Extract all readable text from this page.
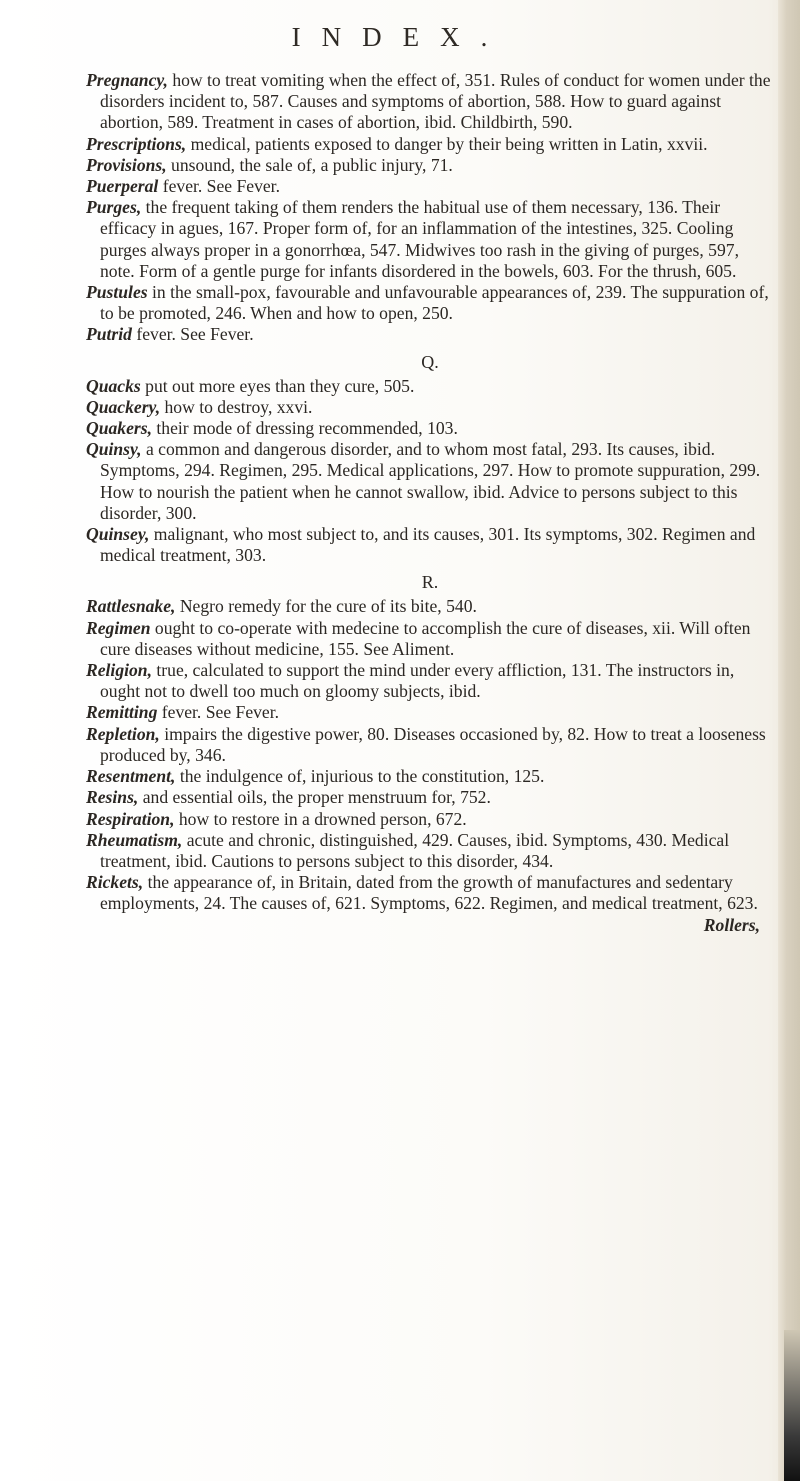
INDEX.

Pregnancy, how to treat vomiting when the effect of, 351. Rules of conduct for women under the disorders incident to, 587. Causes and symptoms of abortion, 588. How to guard against abortion, 589. Treatment in cases of abortion, ibid. Childbirth, 590.

Prescriptions, medical, patients exposed to danger by their being written in Latin, xxvii.

Provisions, unsound, the sale of, a public injury, 71.

Puerperal fever. See Fever.

Purges, the frequent taking of them renders the habitual use of them necessary, 136. Their efficacy in agues, 167. Proper form of, for an inflammation of the intestines, 325. Cooling purges always proper in a gonorrhœa, 547. Midwives too rash in the giving of purges, 597, note. Form of a gentle purge for infants disordered in the bowels, 603. For the thrush, 605.

Pustules in the small-pox, favourable and unfavourable appearances of, 239. The suppuration of, to be promoted, 246. When and how to open, 250.

Putrid fever. See Fever.

Q.

Quacks put out more eyes than they cure, 505.

Quackery, how to destroy, xxvi.

Quakers, their mode of dressing recommended, 103.

Quinsy, a common and dangerous disorder, and to whom most fatal, 293. Its causes, ibid. Symptoms, 294. Regimen, 295. Medical applications, 297. How to promote suppuration, 299. How to nourish the patient when he cannot swallow, ibid. Advice to persons subject to this disorder, 300.

Quinsey, malignant, who most subject to, and its causes, 301. Its symptoms, 302. Regimen and medical treatment, 303.

R.

Rattlesnake, Negro remedy for the cure of its bite, 540.

Regimen ought to co-operate with medecine to accomplish the cure of diseases, xii. Will often cure diseases without medicine, 155. See Aliment.

Religion, true, calculated to support the mind under every affliction, 131. The instructors in, ought not to dwell too much on gloomy subjects, ibid.

Remitting fever. See Fever.

Repletion, impairs the digestive power, 80. Diseases occasioned by, 82. How to treat a looseness produced by, 346.

Resentment, the indulgence of, injurious to the constitution, 125.

Resins, and essential oils, the proper menstruum for, 752.

Respiration, how to restore in a drowned person, 672.

Rheumatism, acute and chronic, distinguished, 429. Causes, ibid. Symptoms, 430. Medical treatment, ibid. Cautions to persons subject to this disorder, 434.

Rickets, the appearance of, in Britain, dated from the growth of manufactures and sedentary employments, 24. The causes of, 621. Symptoms, 622. Regimen, and medical treatment, 623.

Rollers,
